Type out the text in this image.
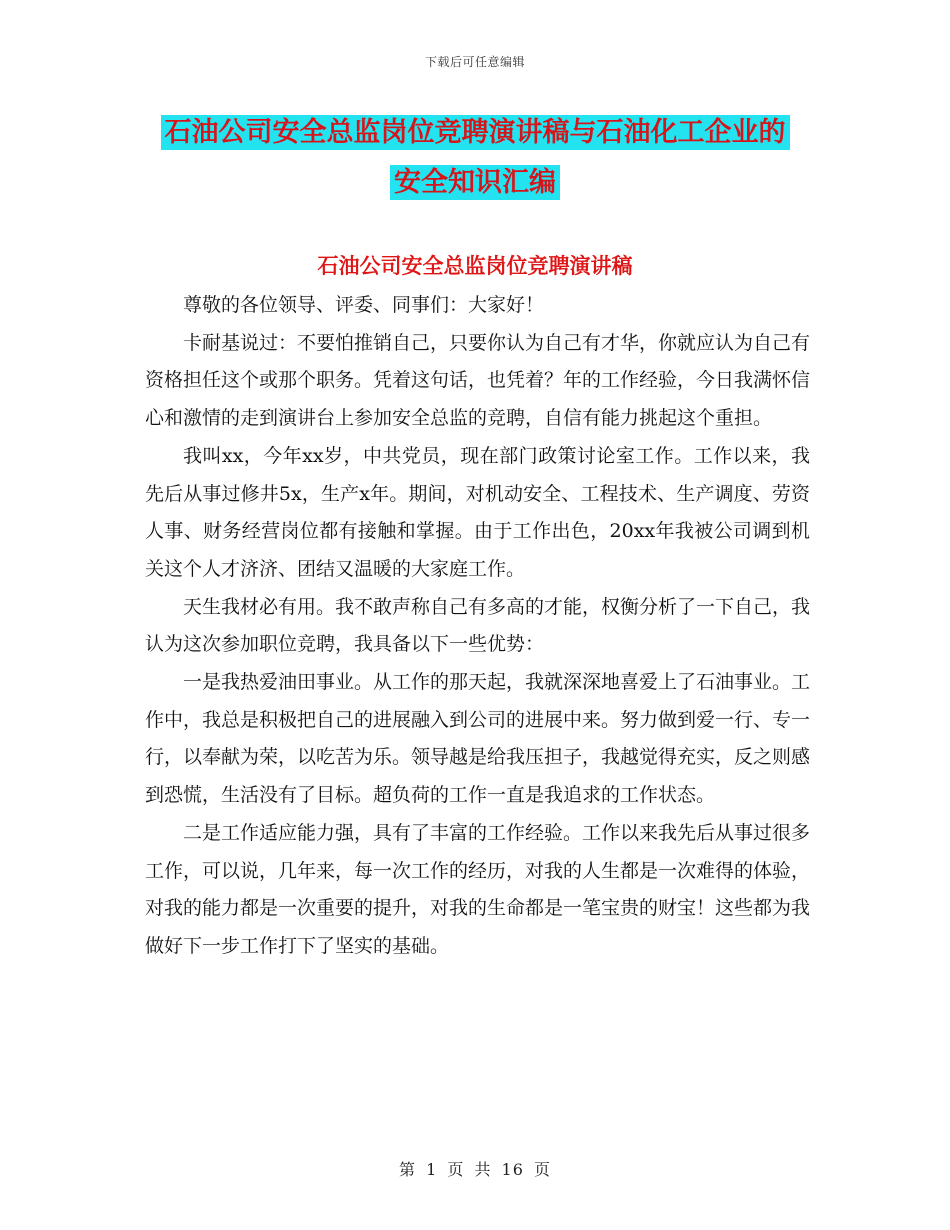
下载后可任意编辑
石油公司安全总监岗位竞聘演讲稿与石油化工企业的
安全知识汇编
石油公司安全总监岗位竞聘演讲稿

尊敬的各位领导、评委、同事们：大家好！

卡耐基说过：不要怕推销自己，只要你认为自己有才华，你就应认为自己有资格担任这个或那个职务。凭着这句话，也凭着？年的工作经验，今日我满怀信心和激情的走到演讲台上参加安全总监的竞聘，自信有能力挑起这个重担。

我叫xx，今年xx岁，中共党员，现在部门政策讨论室工作。工作以来，我先后从事过修井5x，生产x年。期间，对机动安全、工程技术、生产调度、劳资人事、财务经营岗位都有接触和掌握。由于工作出色，20xx年我被公司调到机关这个人才济济、团结又温暖的大家庭工作。

天生我材必有用。我不敢声称自己有多高的才能，权衡分析了一下自己，我认为这次参加职位竞聘，我具备以下一些优势：

一是我热爱油田事业。从工作的那天起，我就深深地喜爱上了石油事业。工作中，我总是积极把自己的进展融入到公司的进展中来。努力做到爱一行、专一行，以奉献为荣，以吃苦为乐。领导越是给我压担子，我越觉得充实，反之则感到恐慌，生活没有了目标。超负荷的工作一直是我追求的工作状态。

二是工作适应能力强，具有了丰富的工作经验。工作以来我先后从事过很多工作，可以说，几年来，每一次工作的经历，对我的人生都是一次难得的体验，对我的能力都是一次重要的提升，对我的生命都是一笔宝贵的财宝！这些都为我做好下一步工作打下了坚实的基础。

第 1 页 共 16 页
